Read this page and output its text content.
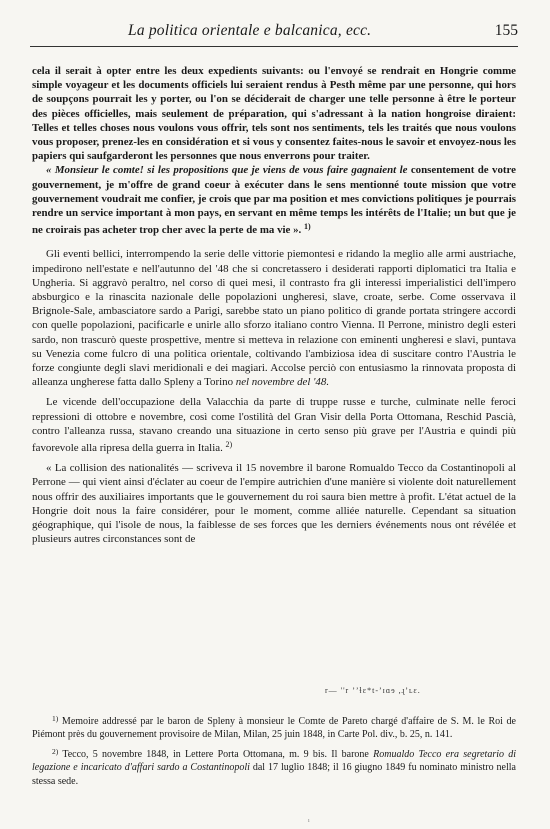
La politica orientale e balcanica, ecc.	155

cela il serait à opter entre les deux expedients suivants: ou l'envoyé se rendrait en Hongrie comme simple voyageur et les documents officiels lui seraient rendus à Pesth même par une personne, qui hors de soupçons pourrait les y porter, ou l'on se déciderait de charger une telle personne à être le porteur des pièces officielles, mais seulement de préparation, qui s'adressant à la nation hongroise diraient: Telles et telles choses nous voulons vous offrir, tels sont nos sentiments, tels les traités que nous voulons vous proposer, prenez-les en considération et si vous y consentez faites-nous le savoir et envoyez-nous les papiers qui saufgarderont les personnes que nous enverrons pour traiter.

« Monsieur le comte! si les propositions que je viens de vous faire gagnaient le consentement de votre gouvernement, je m'offre de grand coeur à exécuter dans le sens mentionné toute mission que votre gouvernement voudrait me confier, je crois que par ma position et mes convictions politiques je pourrais rendre un service important à mon pays, en servant en même temps les intérêts de l'Italie; un but que je ne croirais pas acheter trop cher avec la perte de ma vie ». $^{1)}$

Gli eventi bellici, interrompendo la serie delle vittorie piemontesi e ridando la meglio alle armi austriache, impedirono nell'estate e nell'autunno del '48 che si concretassero i desiderati rapporti diplomatici tra Italia e Ungheria. Si aggravò peraltro, nel corso di quei mesi, il contrasto fra gli interessi imperialistici dell'impero absburgico e la rinascita nazionale delle popolazioni ungheresi, slave, croate, serbe. Come osservava il Brignole-Sale, ambasciatore sardo a Parigi, sarebbe stato un piano politico di grande portata stringere accordi con quelle popolazioni, pacificarle e unirle allo sforzo italiano contro Vienna. Il Perrone, ministro degli esteri sardo, non trascurò queste prospettive, mentre si metteva in relazione con eminenti ungheresi e slavi, puntava su Venezia come fulcro di una politica orientale, coltivando l'ambiziosa idea di suscitare contro l'Austria le forze congiunte degli slavi meridionali e dei magiari. Accolse perciò con entusiasmo la rinnovata proposta di alleanza ungherese fatta dallo Spleny a Torino nel novembre del '48.

Le vicende dell'occupazione della Valacchia da parte di truppe russe e turche, culminate nelle feroci repressioni di ottobre e novembre, così come l'ostilità del Gran Visir della Porta Ottomana, Reschid Pascià, contro l'alleanza russa, stavano creando una situazione in certo senso più grave per l'Austria e quindi più favorevole alla ripresa della guerra in Italia. $^{2)}$

« La collision des nationalités — scriveva il 15 novembre il barone Romualdo Tecco da Costantinopoli al Perrone — qui vient ainsi d'éclater au coeur de l'empire autrichien d'une manière si violente doit naturellement nous offrir des auxiliaires importants que le gouvernement du roi saura bien mettre à profit. L'état actuel de la Hongrie doit nous la faire considérer, pour le moment, comme alliée naturelle. Cependant sa situation géographique, qui l'isole de nous, la faiblesse de ses forces que les derniers événements nous ont révélée et plusieurs autres circonstances sont de

r— ''r ʼʼɬɛ*t-ʼɪɑɘ ,ɻʼʟɛ.

$^{1)}$ Memoire addressé par le baron de Spleny à monsieur le Comte de Pareto chargé d'affaire de S. M. le Roi de Piémont près du gouvernement provisoire de Milan, Milan, 25 juin 1848, in Carte Pol. div., b. 25, n. 141.

$^{2)}$ Tecco, 5 novembre 1848, in Lettere Porta Ottomana, m. 9 bis. Il barone Romualdo Tecco era segretario di legazione e incaricato d'affari sardo a Costantinopoli dal 17 luglio 1848; il 16 giugno 1849 fu nominato ministro nella stessa sede.

ı
